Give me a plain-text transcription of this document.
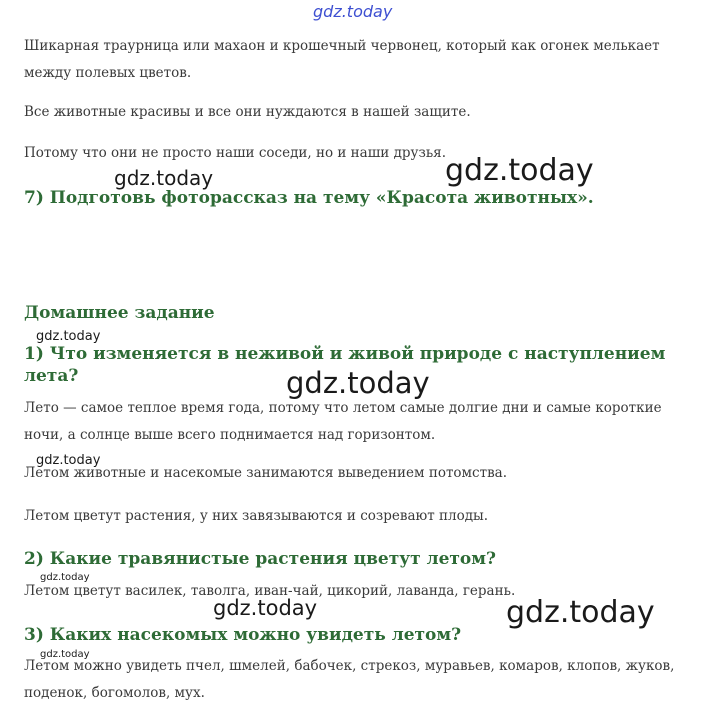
gdz.today
gdz.today	gdz.today
gdz.today
gdz.today
gdz.today
gdz.today
gdz.today	gdz.today
gdz.today

Шикарная траурница или махаон и крошечный червонец, который как огонек мелькает между полевых цветов.

Все животные красивы и все они нуждаются в нашей защите.

Потому что они не просто наши соседи, но и наши друзья.

7) Подготовь фоторассказ на тему «Красота животных».
Домашнее задание
1) Что изменяется в неживой и живой природе с наступлением лета?

Лето — самое теплое время года, потому что летом самые долгие дни и самые короткие ночи, а солнце выше всего поднимается над горизонтом.

Летом животные и насекомые занимаются выведением потомства.

Летом цветут растения, у них завязываются и созревают плоды.

2) Какие травянистые растения цветут летом?

Летом цветут василек, таволга, иван-чай, цикорий, лаванда, герань.

3) Каких насекомых можно увидеть летом?

Летом можно увидеть пчел, шмелей, бабочек, стрекоз, муравьев, комаров, клопов, жуков, поденок, богомолов, мух.
